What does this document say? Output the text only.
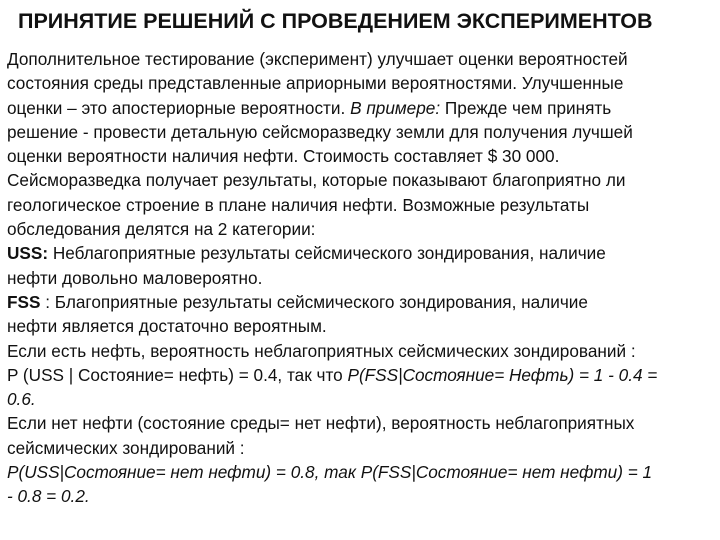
ПРИНЯТИЕ РЕШЕНИЙ С ПРОВЕДЕНИЕМ ЭКСПЕРИМЕНТОВ
Дополнительное тестирование (эксперимент) улучшает оценки вероятностей
состояния среды представленные априорными вероятностями. Улучшенные
оценки – это апостериорные вероятности. В примере: Прежде чем принять
решение - провести детальную сейсморазведку земли для получения лучшей
оценки вероятности наличия нефти. Стоимость составляет $ 30 000.
Сейсморазведка получает результаты, которые показывают благоприятно ли
геологическое строение в плане наличия нефти. Возможные результаты
обследования делятся на 2 категории:
USS: Неблагоприятные результаты сейсмического зондирования, наличие
нефти довольно маловероятно.
FSS : Благоприятные результаты сейсмического зондирования, наличие
нефти является достаточно вероятным.
Если есть нефть, вероятность неблагоприятных сейсмических зондирований :
P (USS | Состояние= нефть) = 0.4, так что P(FSS|Состояние= Нефть) = 1 - 0.4 =
0.6.
Если нет нефти (состояние среды= нет нефти), вероятность неблагоприятных
сейсмических зондирований :
P(USS|Состояние= нет нефти) = 0.8, так P(FSS|Состояние= нет нефти) = 1
- 0.8 = 0.2.
